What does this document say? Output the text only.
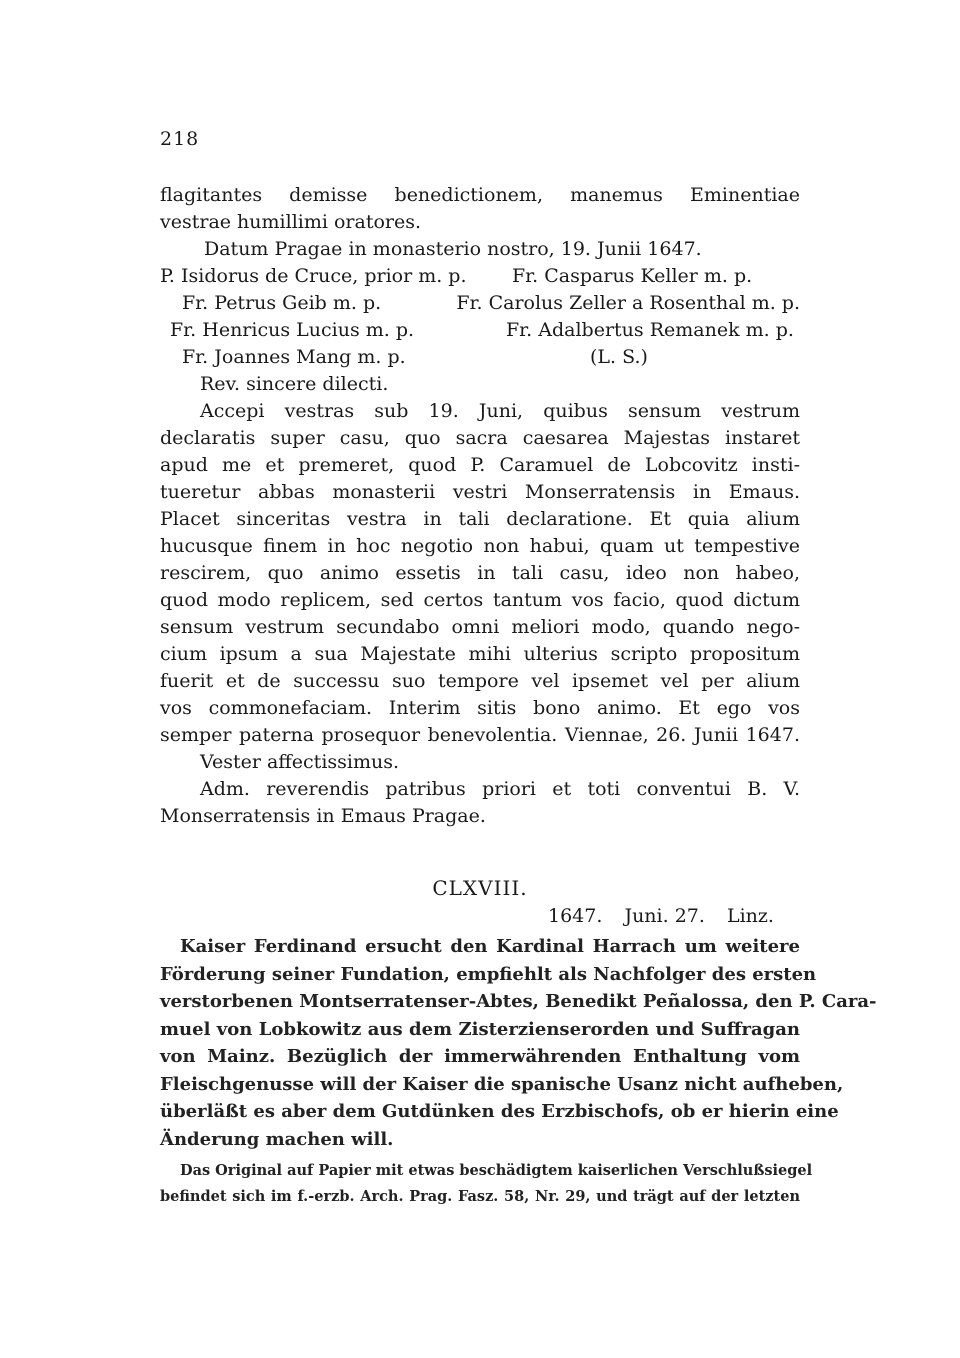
218
flagitantes demisse benedictionem, manemus Eminentiae
vestrae humillimi oratores.
Datum Pragae in monasterio nostro, 19. Junii 1647.
P. Isidorus de Cruce, prior m. p.	Fr. Casparus Keller m. p.
Fr. Petrus Geib m. p.	Fr. Carolus Zeller a Rosenthal m. p.
Fr. Henricus Lucius m. p.	Fr. Adalbertus Remanek m. p.
Fr. Joannes Mang m. p.	(L. S.)
Rev. sincere dilecti.
Accepi vestras sub 19. Juni, quibus sensum vestrum
declaratis super casu, quo sacra caesarea Majestas instaret
apud me et premeret, quod P. Caramuel de Lobcovitz insti-
tueretur abbas monasterii vestri Monserratensis in Emaus.
Placet sinceritas vestra in tali declaratione. Et quia alium
hucusque finem in hoc negotio non habui, quam ut tempestive
rescirem, quo animo essetis in tali casu, ideo non habeo,
quod modo replicem, sed certos tantum vos facio, quod dictum
sensum vestrum secundabo omni meliori modo, quando nego-
cium ipsum a sua Majestate mihi ulterius scripto propositum
fuerit et de successu suo tempore vel ipsemet vel per alium
vos commonefaciam. Interim sitis bono animo. Et ego vos
semper paterna prosequor benevolentia. Viennae, 26. Junii 1647.
Vester affectissimus.
Adm. reverendis patribus priori et toti conventui B. V.
Monserratensis in Emaus Pragae.
CLXVIII.
1647. Juni. 27. Linz.
Kaiser Ferdinand ersucht den Kardinal Harrach um weitere
Förderung seiner Fundation, empfiehlt als Nachfolger des ersten
verstorbenen Montserratenser-Abtes, Benedikt Peñalossa, den P. Cara-
muel von Lobkowitz aus dem Zisterzienserorden und Suffragan
von Mainz. Bezüglich der immerwährenden Enthaltung vom
Fleischgenusse will der Kaiser die spanische Usanz nicht aufheben,
überläßt es aber dem Gutdünken des Erzbischofs, ob er hierin eine
Änderung machen will.
Das Original auf Papier mit etwas beschädigtem kaiserlichen Verschlußsiegel
befindet sich im f.-erzb. Arch. Prag. Fasz. 58, Nr. 29, und trägt auf der letzten
